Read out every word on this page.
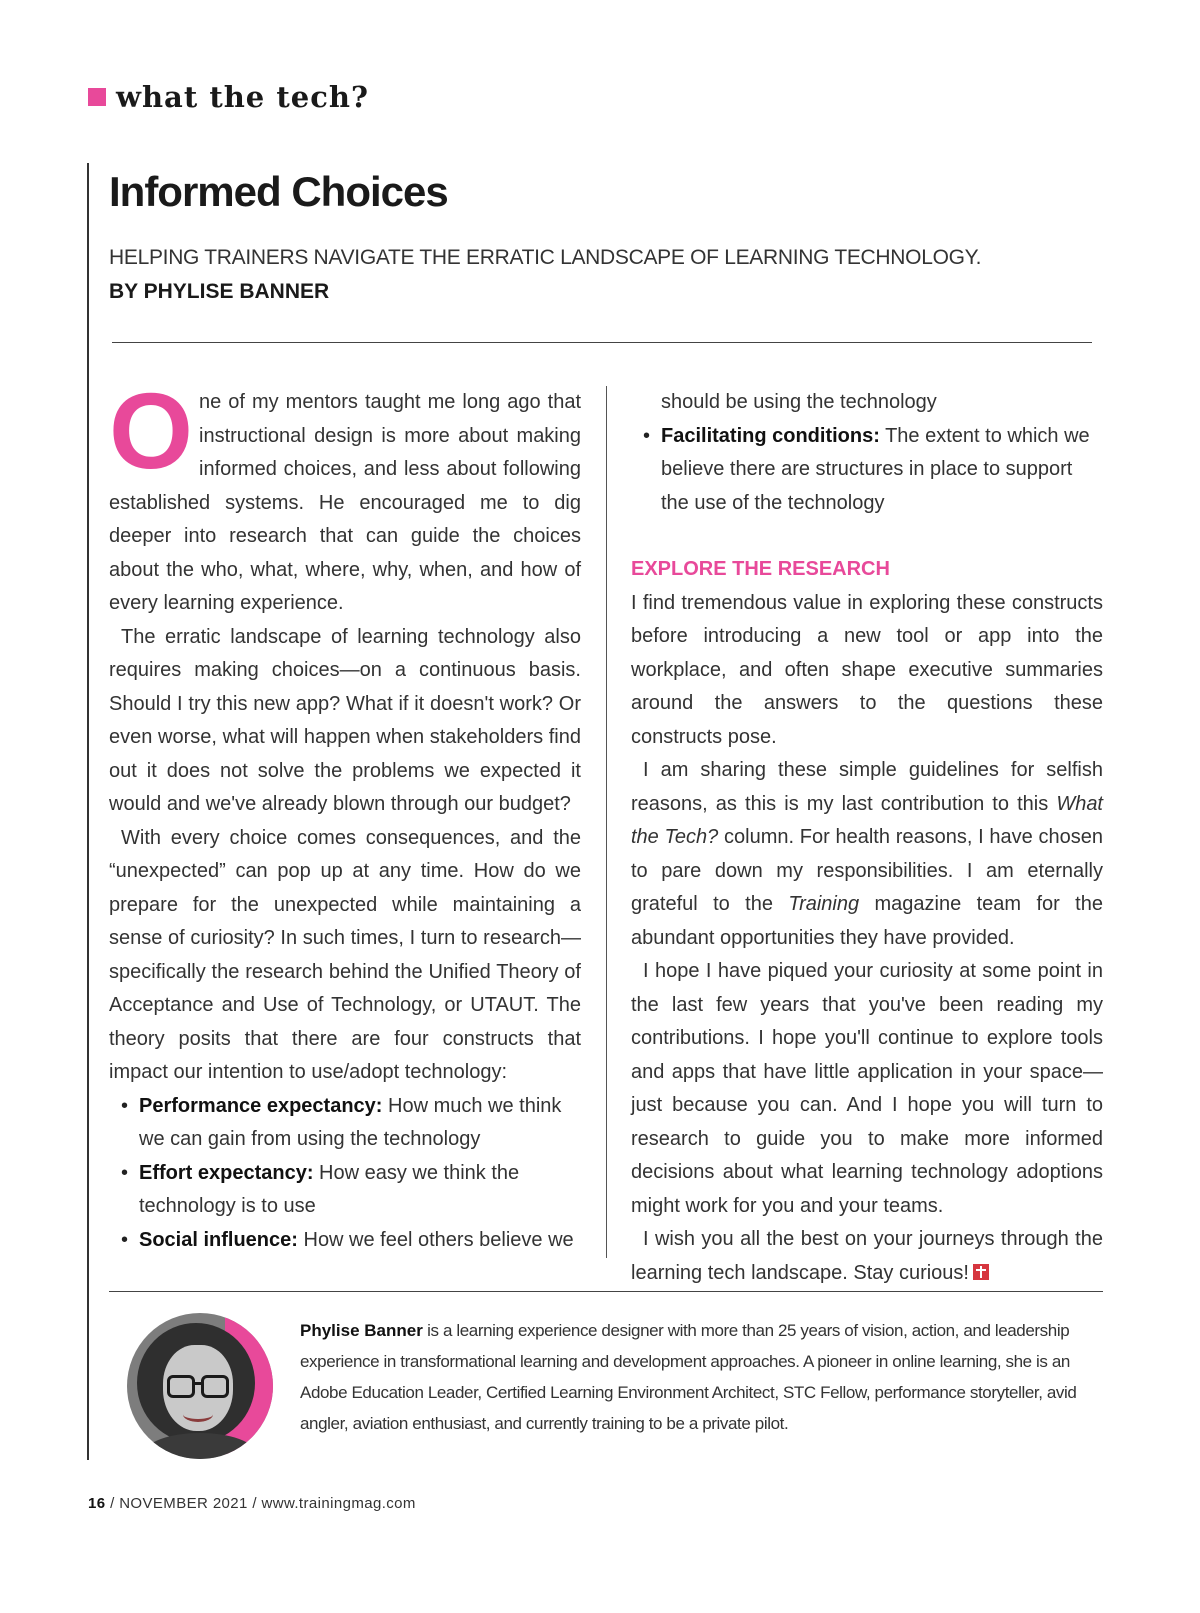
what the tech?
Informed Choices
HELPING TRAINERS NAVIGATE THE ERRATIC LANDSCAPE OF LEARNING TECHNOLOGY.
BY PHYLISE BANNER

One of my mentors taught me long ago that instructional design is more about making informed choices, and less about following established systems. He encouraged me to dig deeper into research that can guide the choices about the who, what, where, why, when, and how of every learning experience.

The erratic landscape of learning technology also requires making choices—on a continuous basis. Should I try this new app? What if it doesn't work? Or even worse, what will happen when stakeholders find out it does not solve the problems we expected it would and we've already blown through our budget?

With every choice comes consequences, and the “unexpected” can pop up at any time. How do we prepare for the unexpected while maintaining a sense of curiosity? In such times, I turn to research—specifically the research behind the Unified Theory of Acceptance and Use of Technology, or UTAUT. The theory posits that there are four constructs that impact our intention to use/adopt technology:

• Performance expectancy: How much we think we can gain from using the technology
• Effort expectancy: How easy we think the technology is to use
• Social influence: How we feel others believe we
should be using the technology
• Facilitating conditions: The extent to which we believe there are structures in place to support the use of the technology
EXPLORE THE RESEARCH

I find tremendous value in exploring these constructs before introducing a new tool or app into the workplace, and often shape executive summaries around the answers to the questions these constructs pose.

I am sharing these simple guidelines for selfish reasons, as this is my last contribution to this What the Tech? column. For health reasons, I have chosen to pare down my responsibilities. I am eternally grateful to the Training magazine team for the abundant opportunities they have provided.

I hope I have piqued your curiosity at some point in the last few years that you've been reading my contributions. I hope you'll continue to explore tools and apps that have little application in your space—just because you can. And I hope you will turn to research to guide you to make more informed decisions about what learning technology adoptions might work for you and your teams.

I wish you all the best on your journeys through the learning tech landscape. Stay curious!

Phylise Banner is a learning experience designer with more than 25 years of vision, action, and leadership experience in transformational learning and development approaches. A pioneer in online learning, she is an Adobe Education Leader, Certified Learning Environment Architect, STC Fellow, performance storyteller, avid angler, aviation enthusiast, and currently training to be a private pilot.
16 / NOVEMBER 2021 / www.trainingmag.com
